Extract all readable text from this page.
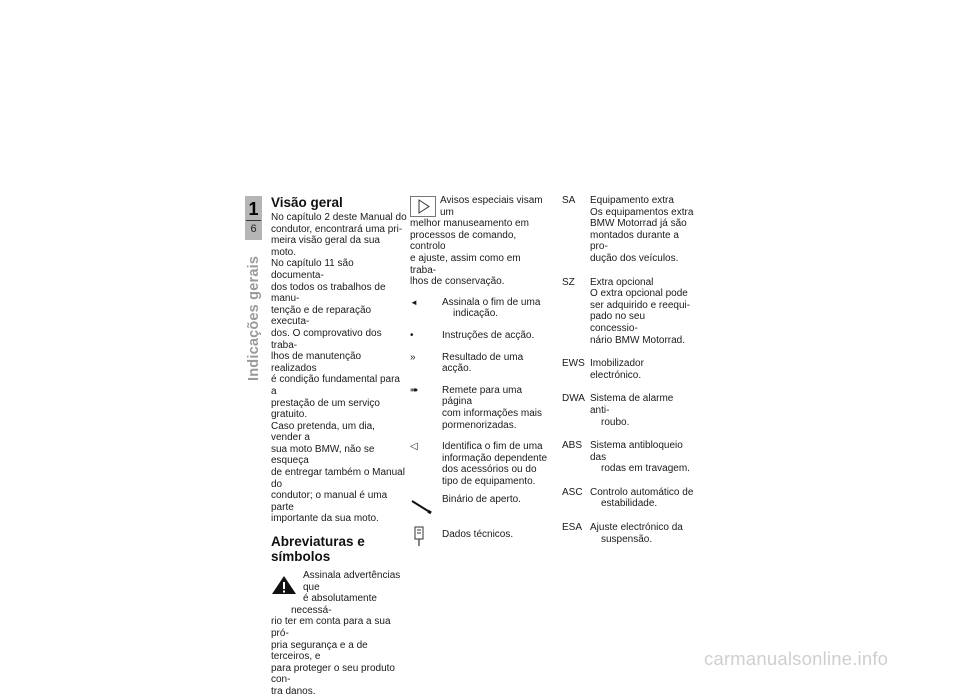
1
6
Indicações gerais
Visão geral

No capítulo 2 deste Manual do

condutor, encontrará uma pri-

meira visão geral da sua moto.

No capítulo 11 são documenta-

dos todos os trabalhos de manu-

tenção e de reparação executa-

dos. O comprovativo dos traba-

lhos de manutenção realizados

é condição fundamental para a

prestação de um serviço gratuito.

Caso pretenda, um dia, vender a

sua moto BMW, não se esqueça

de entregar também o Manual do

condutor; o manual é uma parte

importante da sua moto.

Abreviaturas e
símbolos

Assinala advertências que

é absolutamente necessá-

rio ter em conta para a sua pró-

pria segurança e a de terceiros, e

para proteger o seu produto con-

tra danos.

Avisos especiais visam um

melhor manuseamento em

processos de comando, controlo

e ajuste, assim como em traba-

lhos de conservação.

◄	Assinala o fim de uma

indicação.

•	Instruções de acção.

»	Resultado de uma acção.

➠	Remete para uma página

com informações mais

pormenorizadas.

◁	Identifica o fim de uma

informação dependente

dos acessórios ou do

tipo de equipamento.

Binário de aperto.

Dados técnicos.

SA	Equipamento extra

Os equipamentos extra

BMW Motorrad já são

montados durante a pro-

dução dos veículos.

SZ	Extra opcional

O extra opcional pode

ser adquirido e reequi-

pado no seu concessio-

nário BMW Motorrad.

EWS Imobilizador electrónico.

DWA Sistema de alarme anti-

roubo.

ABS Sistema antibloqueio das

rodas em travagem.

ASC Controlo automático de

estabilidade.

ESA Ajuste electrónico da

suspensão.

carmanualsonline.info
